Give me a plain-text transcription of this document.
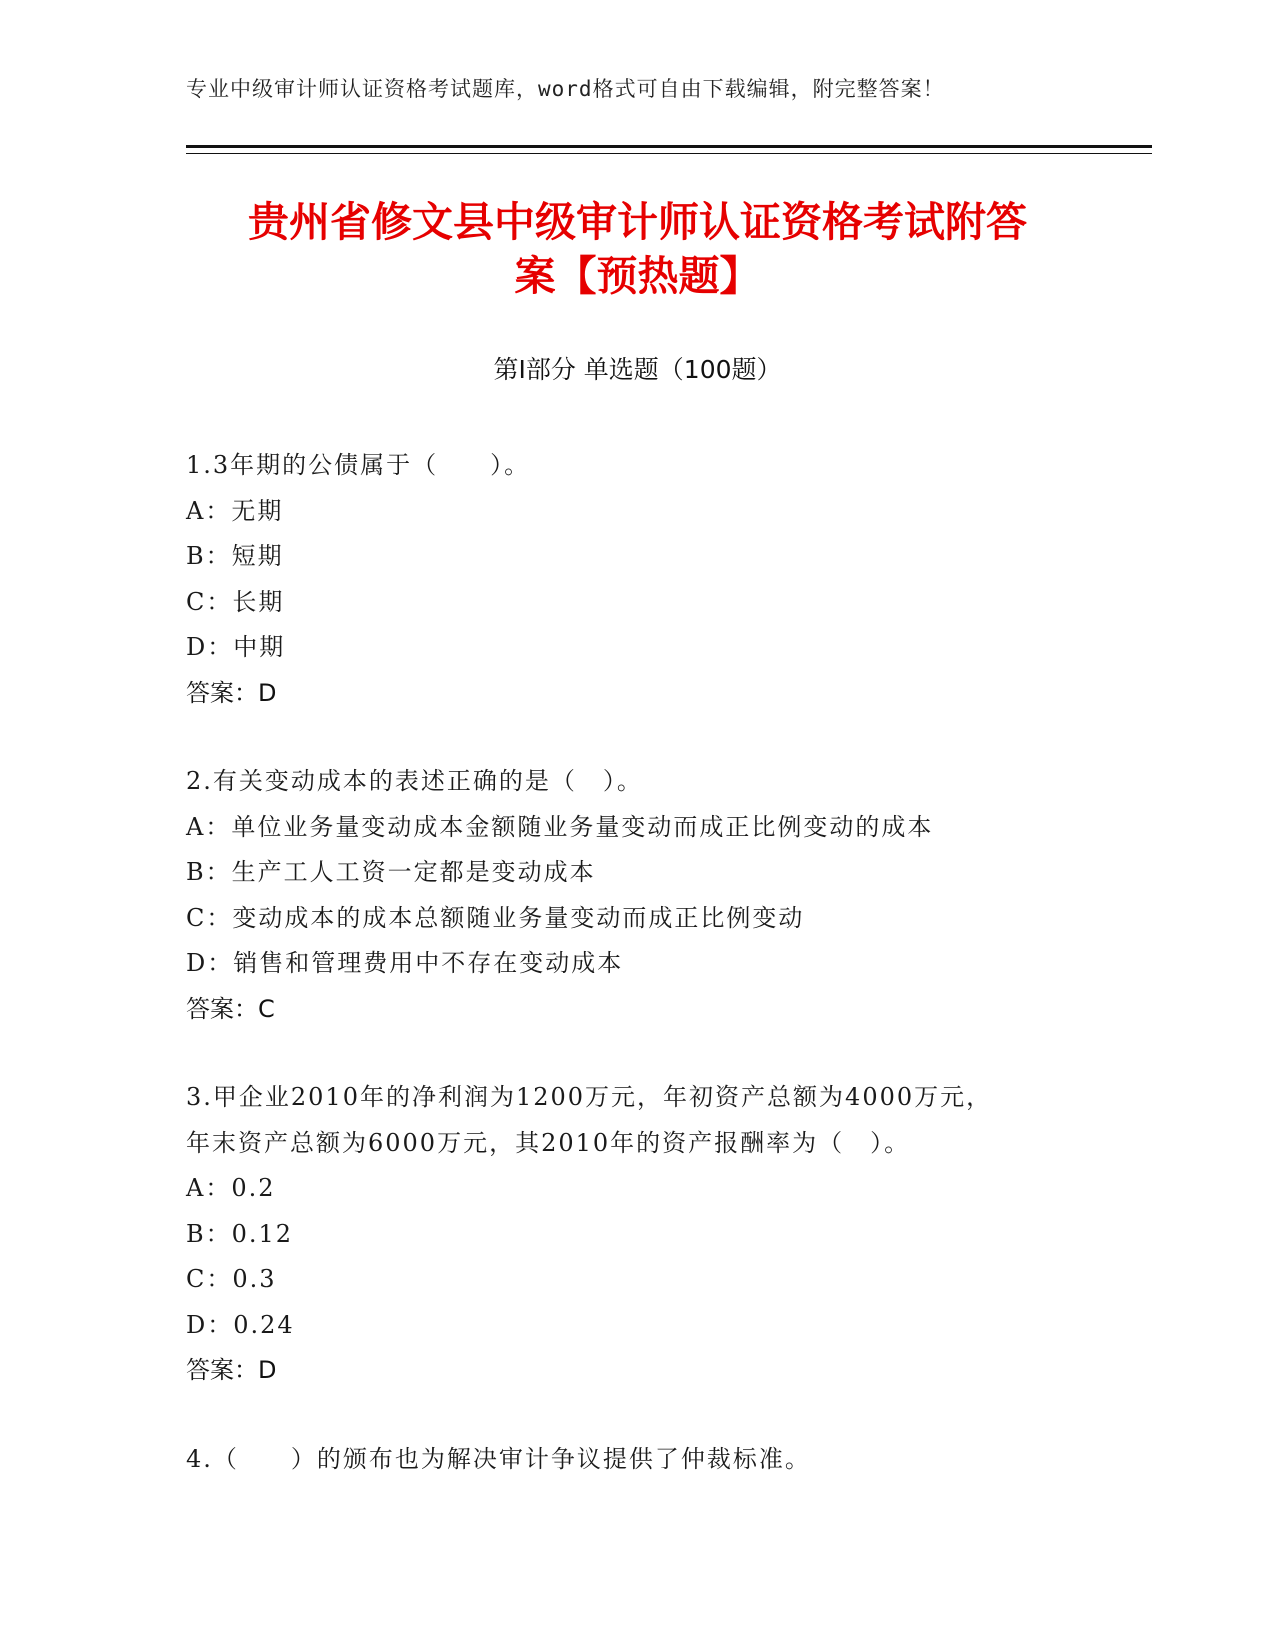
专业中级审计师认证资格考试题库，word格式可自由下载编辑，附完整答案！
贵州省修文县中级审计师认证资格考试附答
案【预热题】
第Ⅰ部分 单选题（100题）
1.3年期的公债属于（　　）。
A：无期
B：短期
C：长期
D：中期
答案：D
2.有关变动成本的表述正确的是（　）。
A：单位业务量变动成本金额随业务量变动而成正比例变动的成本
B：生产工人工资一定都是变动成本
C：变动成本的成本总额随业务量变动而成正比例变动
D：销售和管理费用中不存在变动成本
答案：C
3.甲企业2010年的净利润为1200万元，年初资产总额为4000万元，
年末资产总额为6000万元，其2010年的资产报酬率为（　）。
A：0.2
B：0.12
C：0.3
D：0.24
答案：D
4.（　　）的颁布也为解决审计争议提供了仲裁标准。
